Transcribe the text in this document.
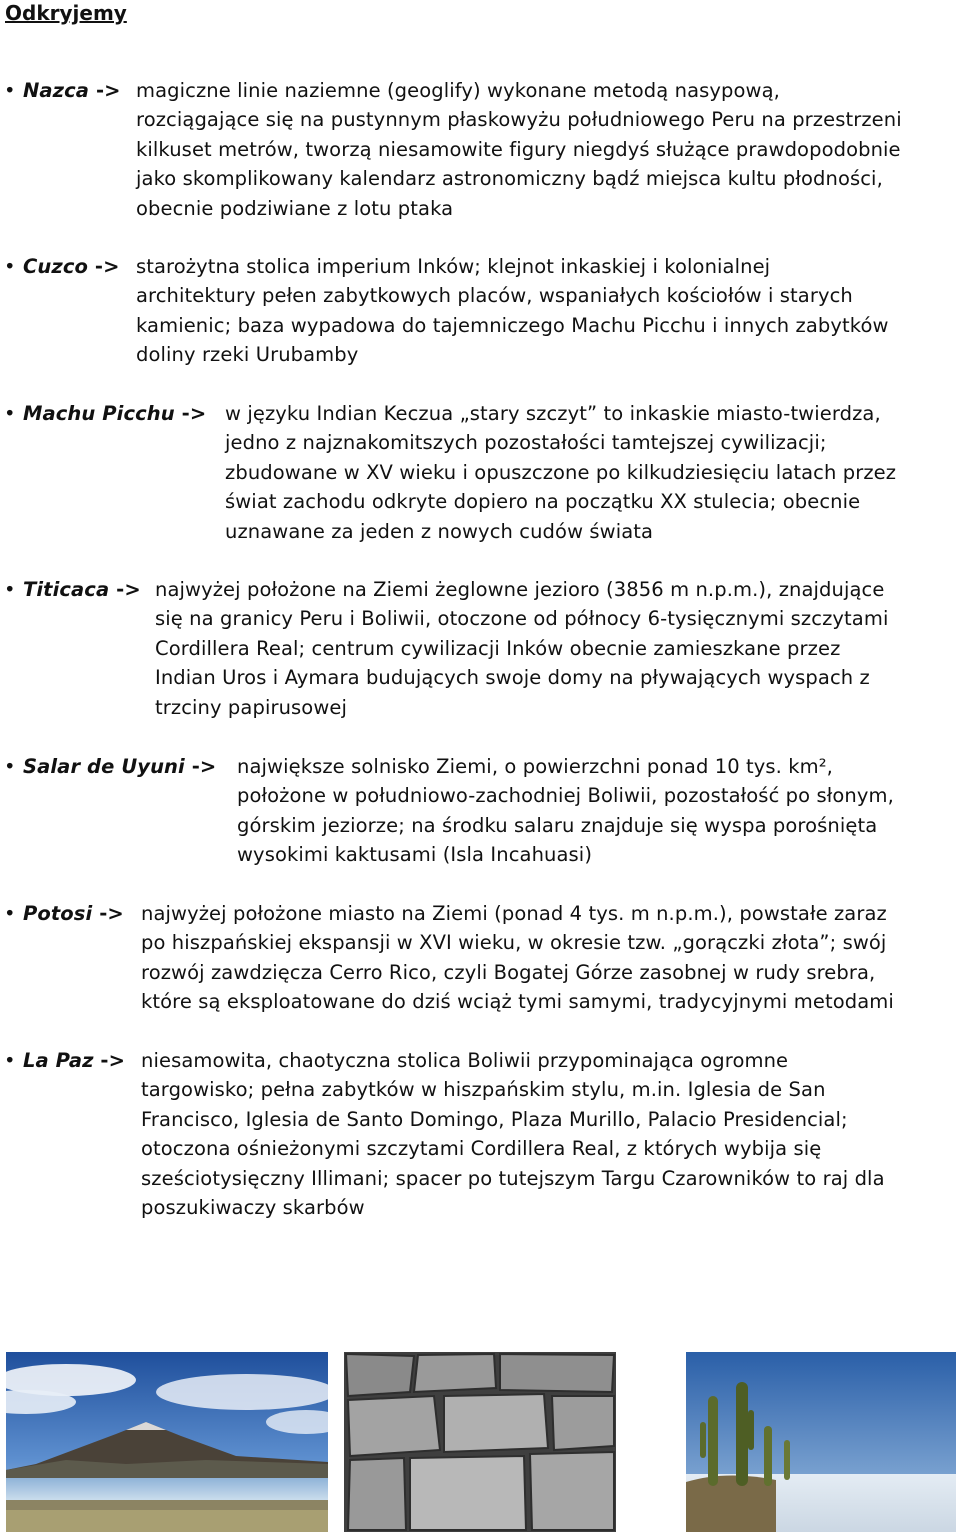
Odkryjemy
• Nazca -> magiczne linie naziemne (geoglify) wykonane metodą nasypową,
rozciągające się na pustynnym płaskowyżu południowego Peru na przestrzeni
kilkuset metrów, tworzą niesamowite figury niegdyś służące prawdopodobnie
jako skomplikowany kalendarz astronomiczny bądź miejsca kultu płodności,
obecnie podziwiane z lotu ptaka
• Cuzco -> starożytna stolica imperium Inków; klejnot inkaskiej i kolonialnej
architektury pełen zabytkowych placów, wspaniałych kościołów i starych
kamienic; baza wypadowa do tajemniczego Machu Picchu i innych zabytków
doliny rzeki Urubamby
• Machu Picchu -> w języku Indian Keczua „stary szczyt” to inkaskie miasto-twierdza,
jedno z najznakomitszych pozostałości tamtejszej cywilizacji;
zbudowane w XV wieku i opuszczone po kilkudziesięciu latach przez
świat zachodu odkryte dopiero na początku XX stulecia; obecnie
uznawane za jeden z nowych cudów świata
• Titicaca -> najwyżej położone na Ziemi żeglowne jezioro (3856 m n.p.m.), znajdujące
się na granicy Peru i Boliwii, otoczone od północy 6-tysięcznymi szczytami
Cordillera Real; centrum cywilizacji Inków obecnie zamieszkane przez
Indian Uros i Aymara budujących swoje domy na pływających wyspach z
trzciny papirusowej
• Salar de Uyuni -> największe solnisko Ziemi, o powierzchni ponad 10 tys. km²,
położone w południowo-zachodniej Boliwii, pozostałość po słonym,
górskim jeziorze; na środku salaru znajduje się wyspa porośnięta
wysokimi kaktusami (Isla Incahuasi)
• Potosi -> najwyżej położone miasto na Ziemi (ponad 4 tys. m n.p.m.), powstałe zaraz
po hiszpańskiej ekspansji w XVI wieku, w okresie tzw. „gorączki złota”; swój
rozwój zawdzięcza Cerro Rico, czyli Bogatej Górze zasobnej w rudy srebra,
które są eksploatowane do dziś wciąż tymi samymi, tradycyjnymi metodami
• La Paz -> niesamowita, chaotyczna stolica Boliwii przypominająca ogromne
targowisko; pełna zabytków w hiszpańskim stylu, m.in. Iglesia de San
Francisco, Iglesia de Santo Domingo, Plaza Murillo, Palacio Presidencial;
otoczona ośnieżonymi szczytami Cordillera Real, z których wybija się
sześciotysięczny Illimani; spacer po tutejszym Targu Czarowników to raj dla
poszukiwaczy skarbów
